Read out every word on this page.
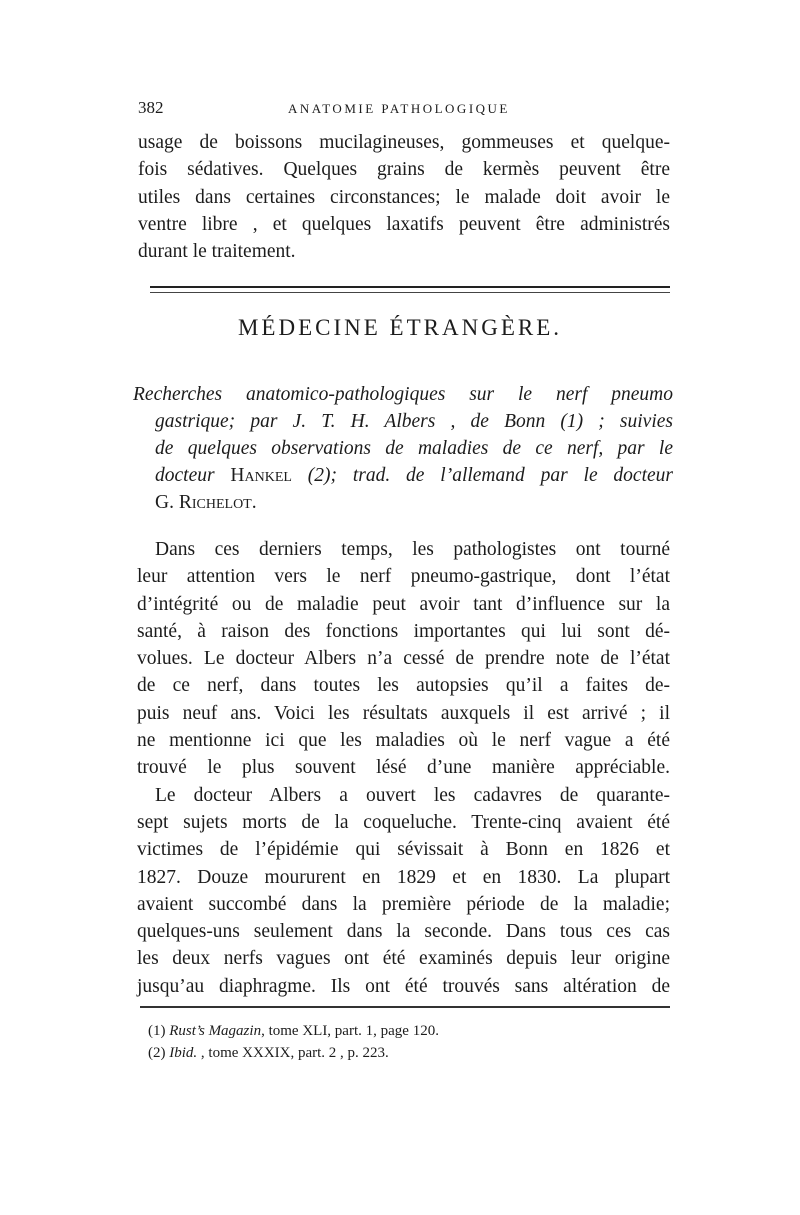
382	ANATOMIE PATHOLOGIQUE
usage de boissons mucilagineuses, gommeuses et quelque-
fois sédatives. Quelques grains de kermès peuvent être
utiles dans certaines circonstances; le malade doit avoir le
ventre libre , et quelques laxatifs peuvent être administrés
durant le traitement.
MÉDECINE ÉTRANGÈRE.
Recherches anatomico-pathologiques sur le nerf pneumo
gastrique; par J. T. H. Albers , de Bonn (1) ; suivies
de quelques observations de maladies de ce nerf, par le
docteur Hankel (2); trad. de l’allemand par le docteur
G. Richelot.
Dans ces derniers temps, les pathologistes ont tourné
leur attention vers le nerf pneumo-gastrique, dont l’état
d’intégrité ou de maladie peut avoir tant d’influence sur la
santé, à raison des fonctions importantes qui lui sont dé-
volues. Le docteur Albers n’a cessé de prendre note de l’état
de ce nerf, dans toutes les autopsies qu’il a faites de-
puis neuf ans. Voici les résultats auxquels il est arrivé ; il
ne mentionne ici que les maladies où le nerf vague a été
trouvé le plus souvent lésé d’une manière appréciable.
Le docteur Albers a ouvert les cadavres de quarante-
sept sujets morts de la coqueluche. Trente-cinq avaient été
victimes de l’épidémie qui sévissait à Bonn en 1826 et
1827. Douze moururent en 1829 et en 1830. La plupart
avaient succombé dans la première période de la maladie;
quelques-uns seulement dans la seconde. Dans tous ces cas
les deux nerfs vagues ont été examinés depuis leur origine
jusqu’au diaphragme. Ils ont été trouvés sans altération de
(1) Rust’s Magazin, tome XLI, part. 1, page 120.
(2) Ibid. , tome XXXIX, part. 2 , p. 223.
